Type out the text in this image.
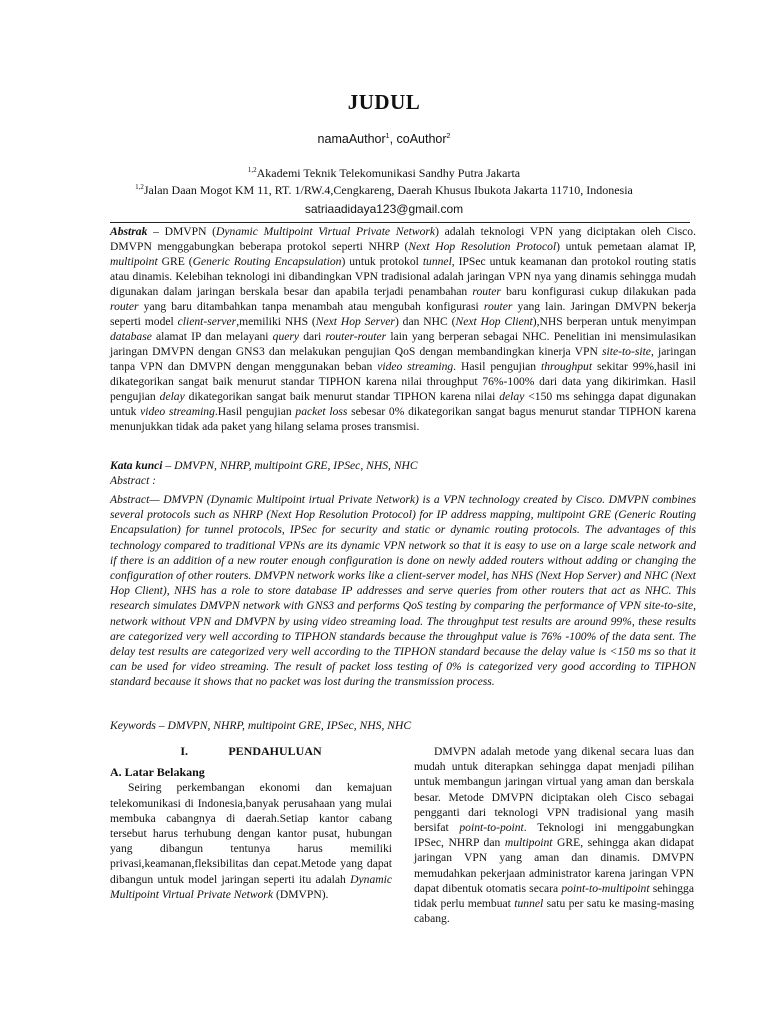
JUDUL
namaAuthor$^1$, coAuthor$^2$
$^{1,2}$Akademi Teknik Telekomunikasi Sandhy Putra Jakarta
$^{1,2}$Jalan Daan Mogot KM 11, RT. 1/RW.4,Cengkareng, Daerah Khusus Ibukota Jakarta 11710, Indonesia
satriaadidaya123@gmail.com

Abstrak – DMVPN (Dynamic Multipoint Virtual Private Network) adalah teknologi VPN yang diciptakan oleh Cisco. DMVPN menggabungkan beberapa protokol seperti NHRP (Next Hop Resolution Protocol) untuk pemetaan alamat IP, multipoint GRE (Generic Routing Encapsulation) untuk protokol tunnel, IPSec untuk keamanan dan protokol routing statis atau dinamis. Kelebihan teknologi ini dibandingkan VPN tradisional adalah jaringan VPN nya yang dinamis sehingga mudah digunakan dalam jaringan berskala besar dan apabila terjadi penambahan router baru konfigurasi cukup dilakukan pada router yang baru ditambahkan tanpa menambah atau mengubah konfigurasi router yang lain. Jaringan DMVPN bekerja seperti model client-server,memiliki NHS (Next Hop Server) dan NHC (Next Hop Client),NHS berperan untuk menyimpan database alamat IP dan melayani query dari router-router lain yang berperan sebagai NHC. Penelitian ini mensimulasikan jaringan DMVPN dengan GNS3 dan melakukan pengujian QoS dengan membandingkan kinerja VPN site-to-site, jaringan tanpa VPN dan DMVPN dengan menggunakan beban video streaming. Hasil pengujian throughput sekitar 99%,hasil ini dikategorikan sangat baik menurut standar TIPHON karena nilai throughput 76%-100% dari data yang dikirimkan. Hasil pengujian delay dikategorikan sangat baik menurut standar TIPHON karena nilai delay <150 ms sehingga dapat digunakan untuk video streaming.Hasil pengujian packet loss sebesar 0% dikategorikan sangat bagus menurut standar TIPHON karena menunjukkan tidak ada paket yang hilang selama proses transmisi.

Kata kunci – DMVPN, NHRP, multipoint GRE, IPSec, NHS, NHC
Abstract :

Abstract— DMVPN (Dynamic Multipoint irtual Private Network) is a VPN technology created by Cisco. DMVPN combines several protocols such as NHRP (Next Hop Resolution Protocol) for IP address mapping, multipoint GRE (Generic Routing Encapsulation) for tunnel protocols, IPSec for security and static or dynamic routing protocols. The advantages of this technology compared to traditional VPNs are its dynamic VPN network so that it is easy to use on a large scale network and if there is an addition of a new router enough configuration is done on newly added routers without adding or changing the configuration of other routers. DMVPN network works like a client-server model, has NHS (Next Hop Server) and NHC (Next Hop Client), NHS has a role to store database IP addresses and serve queries from other routers that act as NHC. This research simulates DMVPN network with GNS3 and performs QoS testing by comparing the performance of VPN site-to-site, network without VPN and DMVPN by using video streaming load. The throughput test results are around 99%, these results are categorized very well according to TIPHON standards because the throughput value is 76% -100% of the data sent. The delay test results are categorized very well according to the TIPHON standard because the delay value is <150 ms so that it can be used for video streaming. The result of packet loss testing of 0% is categorized very good according to TIPHON standard because it shows that no packet was lost during the transmission process.

Keywords – DMVPN, NHRP, multipoint GRE, IPSec, NHS, NHC
I.	PENDAHULUAN
A. Latar Belakang

Seiring perkembangan ekonomi dan kemajuan telekomunikasi di Indonesia,banyak perusahaan yang mulai membuka cabangnya di daerah.Setiap kantor cabang tersebut harus terhubung dengan kantor pusat, hubungan yang dibangun tentunya harus memiliki privasi,keamanan,fleksibilitas dan cepat.Metode yang dapat dibangun untuk model jaringan seperti itu adalah Dynamic Multipoint Virtual Private Network (DMVPN).

DMVPN adalah metode yang dikenal secara luas dan mudah untuk diterapkan sehingga dapat menjadi pilihan untuk membangun jaringan virtual yang aman dan berskala besar. Metode DMVPN diciptakan oleh Cisco sebagai pengganti dari teknologi VPN tradisional yang masih bersifat point-to-point. Teknologi ini menggabungkan IPSec, NHRP dan multipoint GRE, sehingga akan didapat jaringan VPN yang aman dan dinamis. DMVPN memudahkan pekerjaan administrator karena jaringan VPN dapat dibentuk otomatis secara point-to-multipoint sehingga tidak perlu membuat tunnel satu per satu ke masing-masing cabang.
